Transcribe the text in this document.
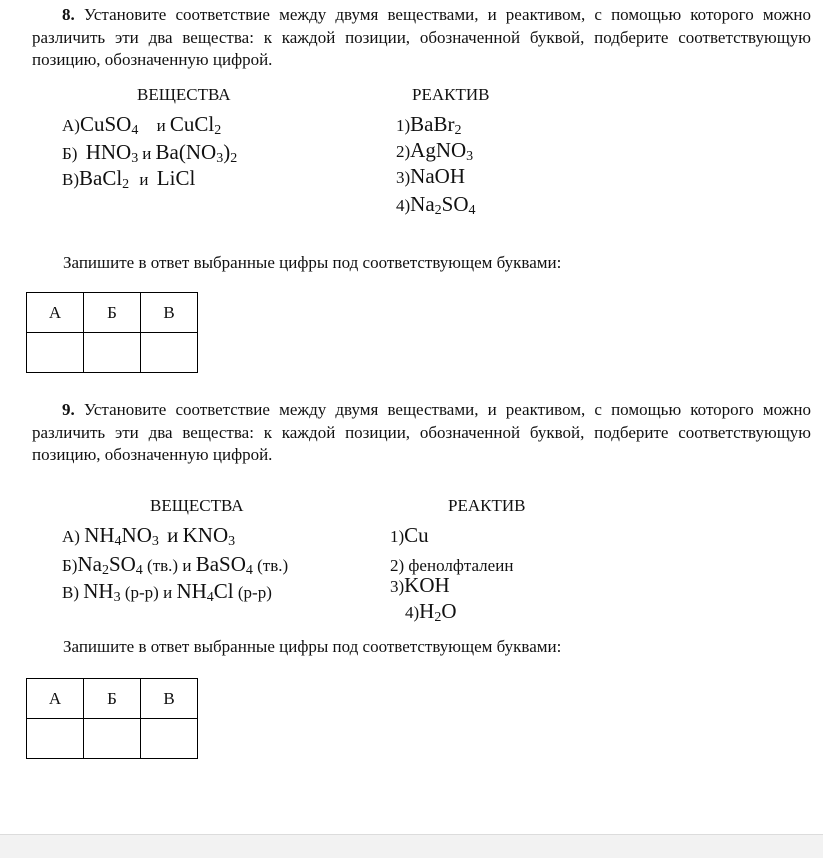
8. Установите соответствие между двумя веществами, и реактивом, с помощью которого можно различить эти два вещества: к каждой позиции, обозначенной буквой, подберите соответствующую позицию, обозначенную цифрой.
ВЕЩЕСТВА	РЕАКТИВ
А)CuSO$_4$ и CuCl$_2$
Б) $HNO_3$ и $Ba(NO_3)_2$
В)BaCl$_2$ и LiCl
1)BaBr$_2$
2)AgNO$_3$
3)NaOH
$4)Na_2SO_4$
Запишите в ответ выбранные цифры под соответствующем буквами:
А	Б	В

9. Установите соответствие между двумя веществами, и реактивом, с помощью которого можно различить эти два вещества: к каждой позиции, обозначенной буквой, подберите соответствующую позицию, обозначенную цифрой.
ВЕЩЕСТВА	РЕАКТИВ
А) $NH_4NO_3$ и $KNO_3$
$Б)Na_2SO_4$ (тв.) и BaSO$_4$ (тв.)
В) $NH_3$ (р-р) и $NH_4Cl$ (р-р)
1)Cu
2) фенолфталеин
3)KOH
$4)H_2O$
Запишите в ответ выбранные цифры под соответствующем буквами:
А	Б	В
